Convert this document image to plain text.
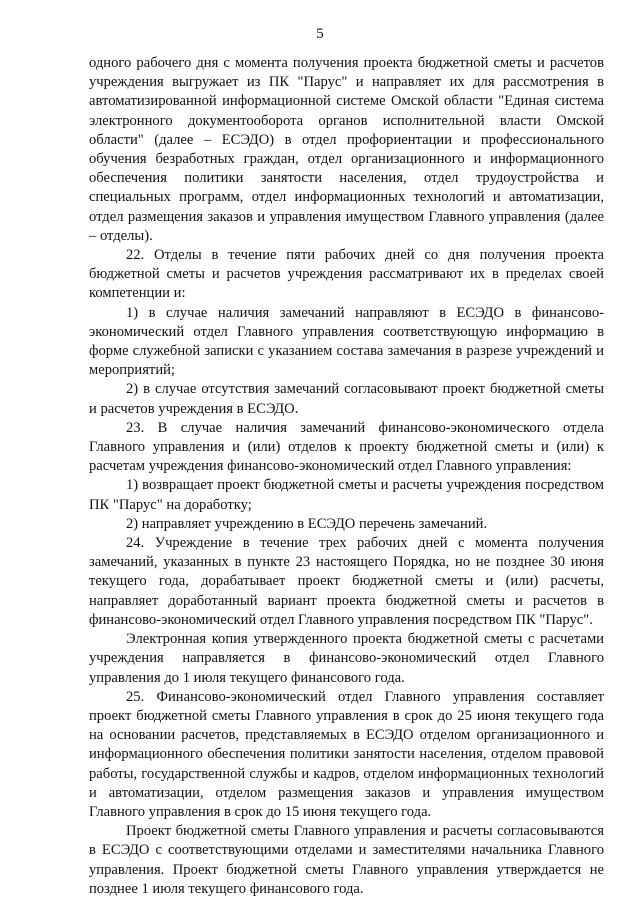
5

одного рабочего дня с момента получения проекта бюджетной сметы и расчетов учреждения выгружает из ПК "Парус" и направляет их для рассмотрения в автоматизированной информационной системе Омской области "Единая система электронного документооборота органов исполнительной власти Омской области" (далее – ЕСЭДО) в отдел профориентации и профессионального обучения безработных граждан, отдел организационного и информационного обеспечения политики занятости населения, отдел трудоустройства и специальных программ, отдел информационных технологий и автоматизации, отдел размещения заказов и управления имуществом Главного управления (далее – отделы).

22. Отделы в течение пяти рабочих дней со дня получения проекта бюджетной сметы и расчетов учреждения рассматривают их в пределах своей компетенции и:

1) в случае наличия замечаний направляют в ЕСЭДО в финансово-экономический отдел Главного управления соответствующую информацию в форме служебной записки с указанием состава замечания в разрезе учреждений и мероприятий;

2) в случае отсутствия замечаний согласовывают проект бюджетной сметы и расчетов учреждения в ЕСЭДО.

23. В случае наличия замечаний финансово-экономического отдела Главного управления и (или) отделов к проекту бюджетной сметы и (или) к расчетам учреждения финансово-экономический отдел Главного управления:

1) возвращает проект бюджетной сметы и расчеты учреждения посредством ПК "Парус" на доработку;

2) направляет учреждению в ЕСЭДО перечень замечаний.

24. Учреждение в течение трех рабочих дней с момента получения замечаний, указанных в пункте 23 настоящего Порядка, но не позднее 30 июня текущего года, дорабатывает проект бюджетной сметы и (или) расчеты, направляет доработанный вариант проекта бюджетной сметы и расчетов в финансово-экономический отдел Главного управления посредством ПК "Парус".

Электронная копия утвержденного проекта бюджетной сметы с расчетами учреждения направляется в финансово-экономический отдел Главного управления до 1 июля текущего финансового года.

25. Финансово-экономический отдел Главного управления составляет проект бюджетной сметы Главного управления в срок до 25 июня текущего года на основании расчетов, представляемых в ЕСЭДО отделом организационного и информационного обеспечения политики занятости населения, отделом правовой работы, государственной службы и кадров, отделом информационных технологий и автоматизации, отделом размещения заказов и управления имуществом Главного управления в срок до 15 июня текущего года.

Проект бюджетной сметы Главного управления и расчеты согласовываются в ЕСЭДО с соответствующими отделами и заместителями начальника Главного управления. Проект бюджетной сметы Главного управления утверждается не позднее 1 июля текущего финансового года.
